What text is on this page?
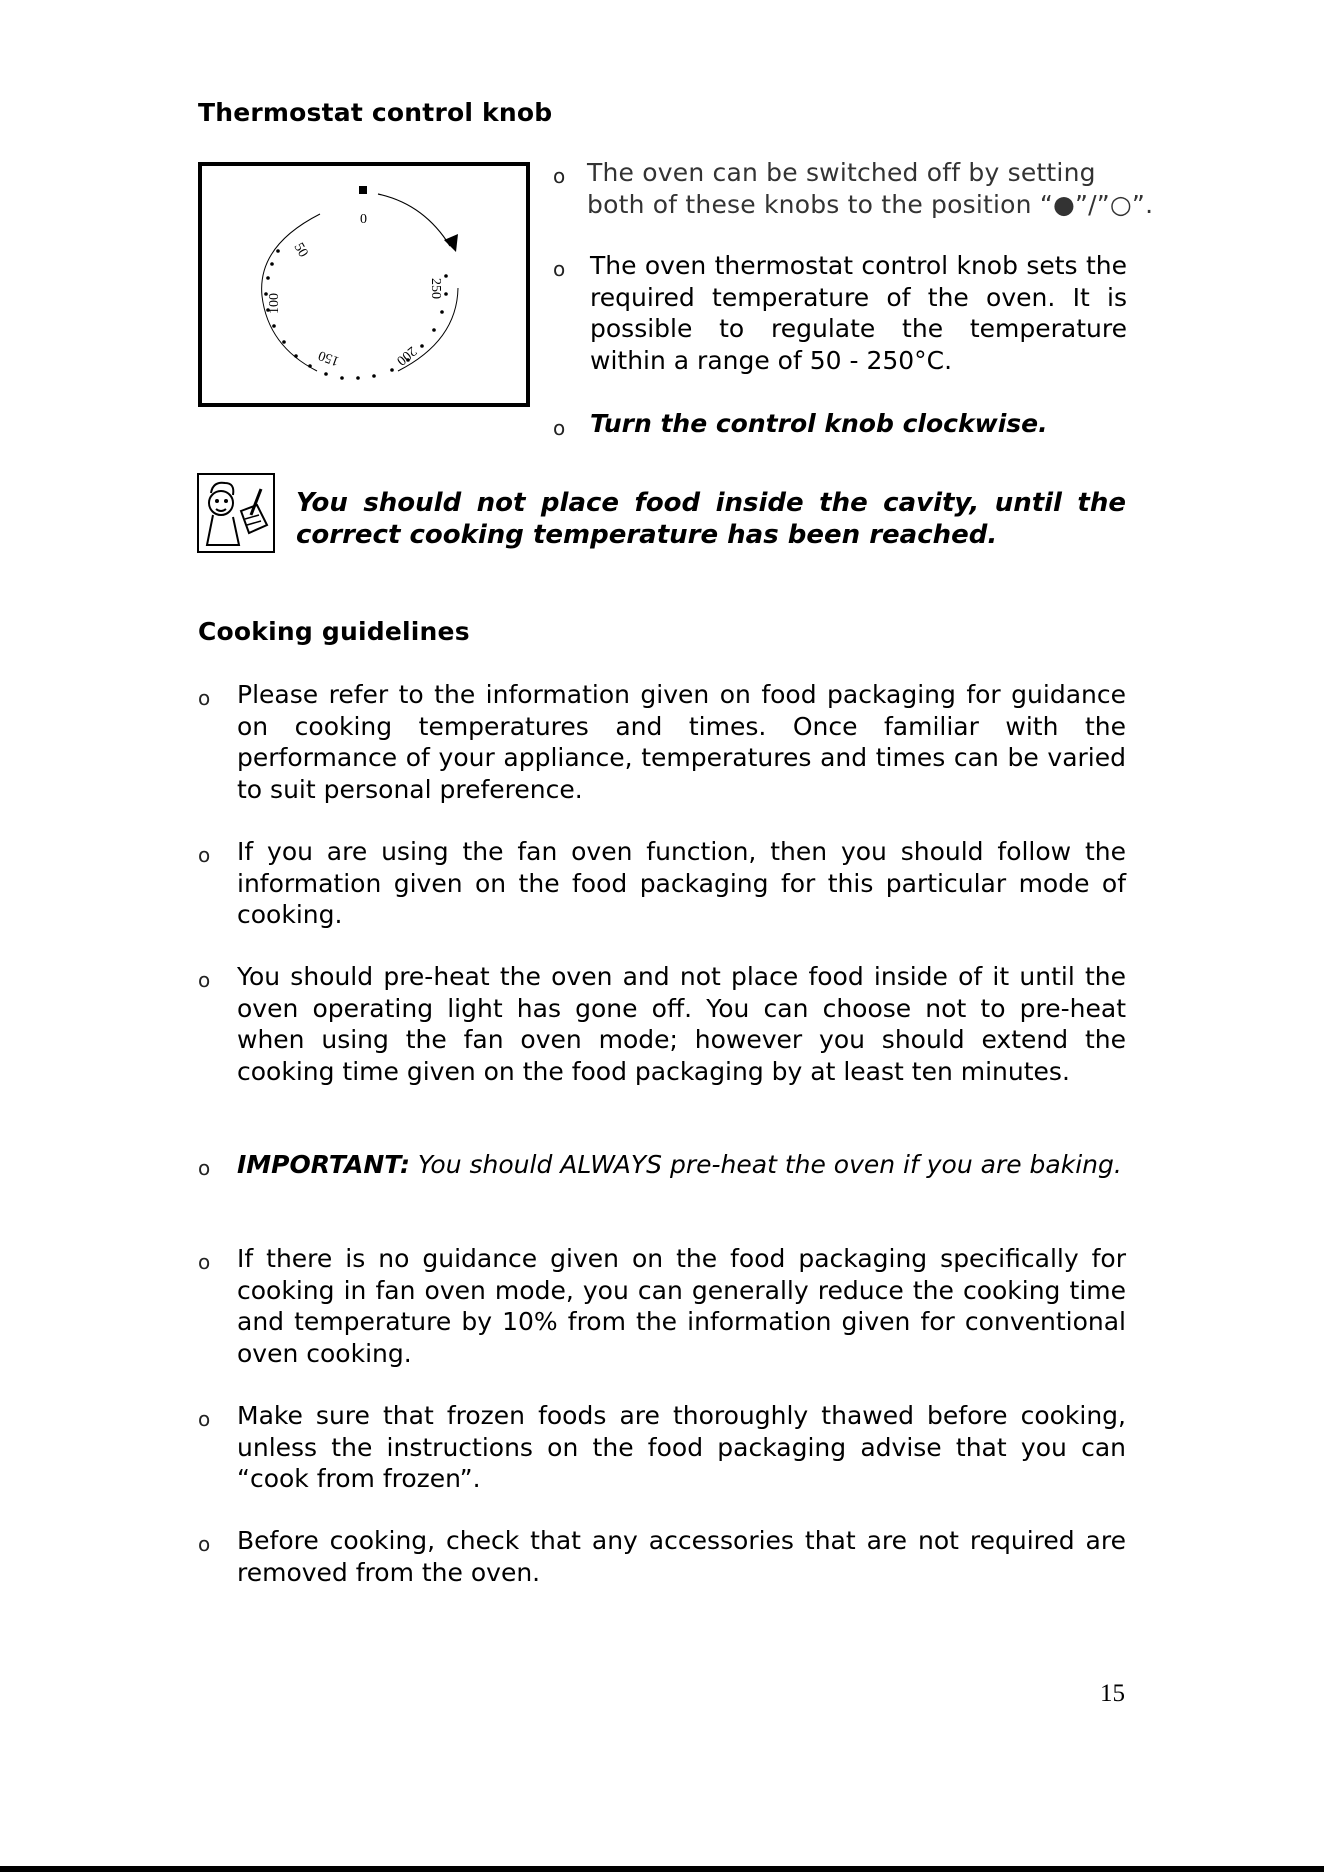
Thermostat control knob
0
50
100
150	200
250
o The oven can be switched off by setting both of these knobs to the position “●”/”○”.

o The oven thermostat control knob sets the required temperature of the oven. It is possible to regulate the temperature within a range of 50 - 250°C.

o Turn the control knob clockwise.

You should not place food inside the cavity, until the correct cooking temperature has been reached.

Cooking guidelines
o Please refer to the information given on food packaging for guidance on cooking temperatures and times. Once familiar with the performance of your appliance, temperatures and times can be varied to suit personal preference.

o If you are using the fan oven function, then you should follow the information given on the food packaging for this particular mode of cooking.

o You should pre-heat the oven and not place food inside of it until the oven operating light has gone off. You can choose not to pre-heat when using the fan oven mode; however you should extend the cooking time given on the food packaging by at least ten minutes.

o IMPORTANT: You should ALWAYS pre-heat the oven if you are baking.

o If there is no guidance given on the food packaging specifically for cooking in fan oven mode, you can generally reduce the cooking time and temperature by 10% from the information given for conventional oven cooking.

o Make sure that frozen foods are thoroughly thawed before cooking, unless the instructions on the food packaging advise that you can “cook from frozen”.

o Before cooking, check that any accessories that are not required are removed from the oven.

15
